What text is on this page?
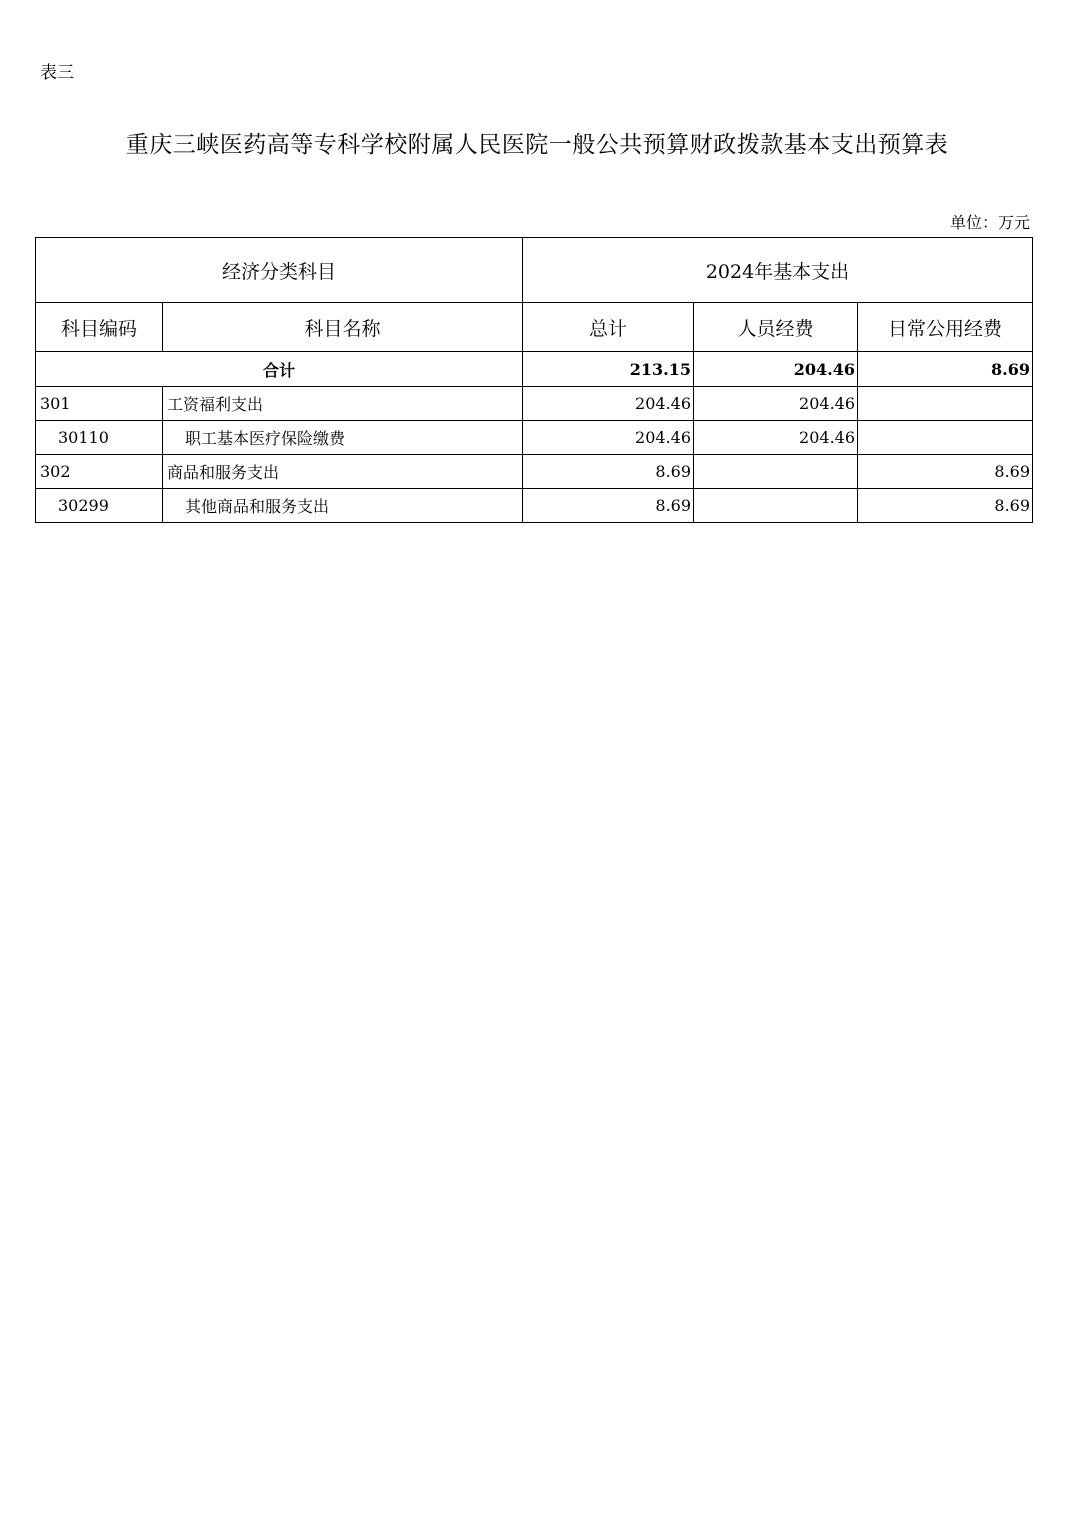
表三
重庆三峡医药高等专科学校附属人民医院一般公共预算财政拨款基本支出预算表
单位：万元
经济分类科目		2024年基本支出		
科目编码	科目名称	总计	人员经费	日常公用经费
合计		213.15	204.46	8.69
301	工资福利支出	204.46	204.46	
30110	职工基本医疗保险缴费	204.46	204.46	
302	商品和服务支出	8.69		8.69
30299	其他商品和服务支出	8.69		8.69
